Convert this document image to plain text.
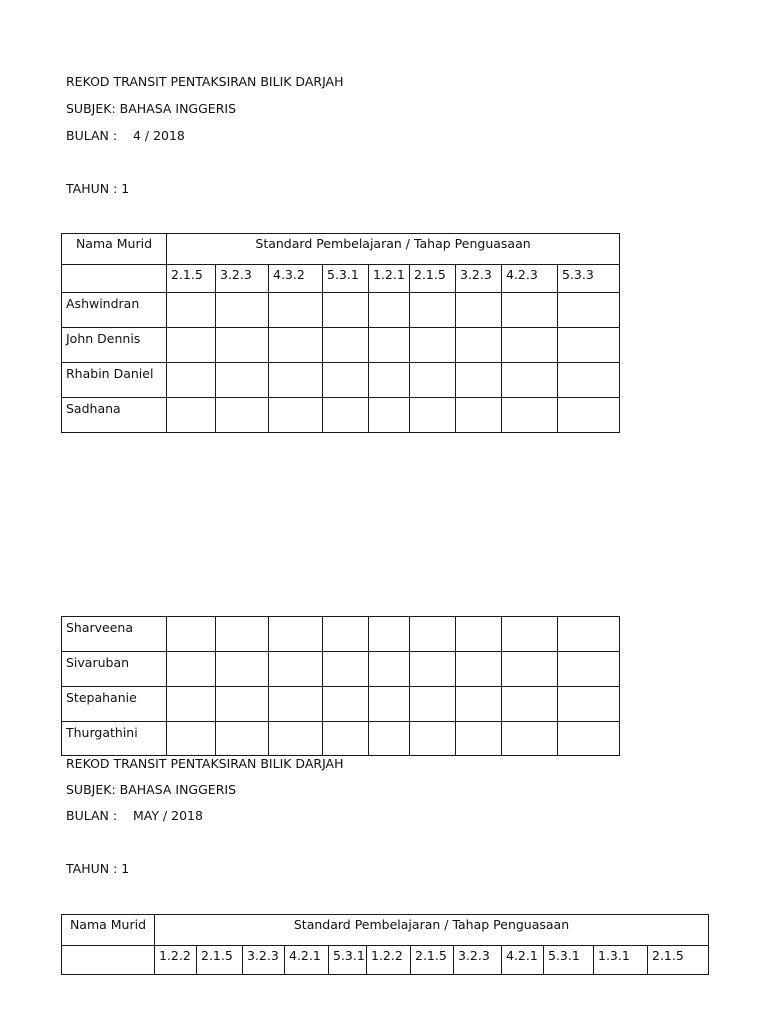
REKOD TRANSIT PENTAKSIRAN BILIK DARJAH
SUBJEK: BAHASA INGGERIS
BULAN :    4 / 2018
TAHUN : 1
Nama Murid	Standard Pembelajaran / Tahap Penguasaan								
	2.1.5	3.2.3	4.3.2	5.3.1	1.2.1	2.1.5	3.2.3	4.2.3	5.3.3
Ashwindran									
John Dennis									
Rhabin Daniel									
Sadhana									
Sharveena									
Sivaruban									
Stepahanie									
Thurgathini									
REKOD TRANSIT PENTAKSIRAN BILIK DARJAH
SUBJEK: BAHASA INGGERIS
BULAN :    MAY / 2018
TAHUN : 1
Nama Murid	Standard Pembelajaran / Tahap Penguasaan											
	1.2.2	2.1.5	3.2.3	4.2.1	5.3.1	1.2.2	2.1.5	3.2.3	4.2.1	5.3.1	1.3.1	2.1.5
